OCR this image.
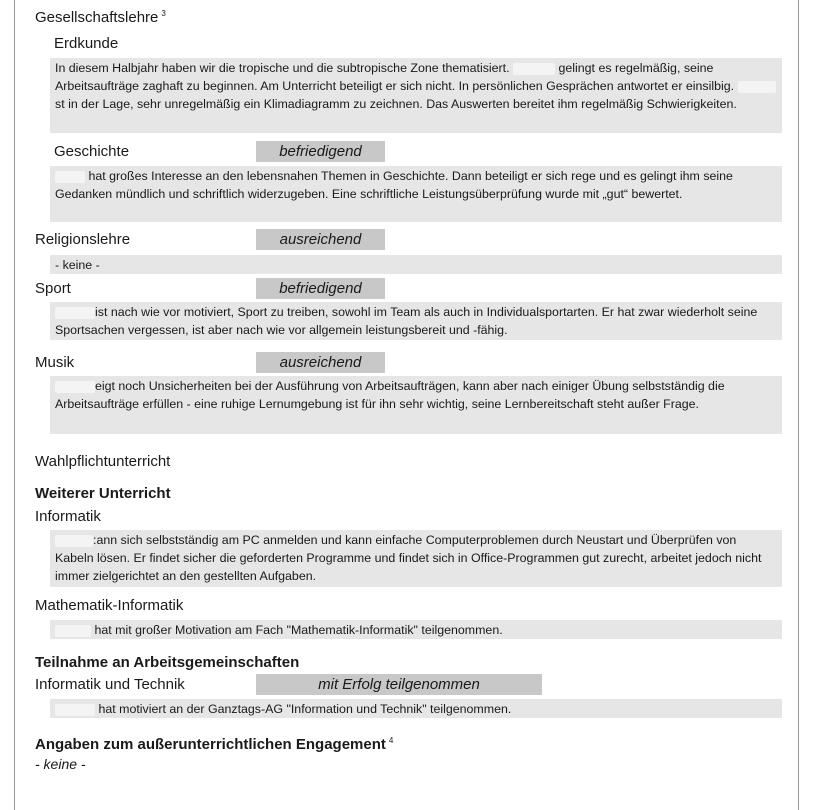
Gesellschaftslehre $^3$
Erdkunde
In diesem Halbjahr haben wir die tropische und die subtropische Zone thematisiert.	gelingt es regelmäßig, seine Arbeitsaufträge zaghaft zu beginnen. Am Unterricht beteiligt er sich nicht. In persönlichen Gesprächen antwortet er einsilbig. st in der Lage, sehr unregelmäßig ein Klimadiagramm zu zeichnen. Das Auswerten bereitet ihm regelmäßig Schwierigkeiten.
Geschichte	befriedigend
hat großes Interesse an den lebensnahen Themen in Geschichte. Dann beteiligt er sich rege und es gelingt ihm seine Gedanken mündlich und schriftlich widerzugeben. Eine schriftliche Leistungsüberprüfung wurde mit „gut“ bewertet.
Religionslehre	ausreichend
- keine -
Sport	befriedigend
ist nach wie vor motiviert, Sport zu treiben, sowohl im Team als auch in Individualsportarten. Er hat zwar wiederholt seine Sportsachen vergessen, ist aber nach wie vor allgemein leistungsbereit und -fähig.
Musik	ausreichend
eigt noch Unsicherheiten bei der Ausführung von Arbeitsaufträgen, kann aber nach einiger Übung selbstständig die Arbeitsaufträge erfüllen - eine ruhige Lernumgebung ist für ihn sehr wichtig, seine Lernbereitschaft steht außer Frage.
Wahlpflichtunterricht
Weiterer Unterricht
Informatik
:ann sich selbstständig am PC anmelden und kann einfache Computerproblemen durch Neustart und Überprüfen von Kabeln lösen. Er findet sicher die geforderten Programme und findet sich in Office-Programmen gut zurecht, arbeitet jedoch nicht immer zielgerichtet an den gestellten Aufgaben.
Mathematik-Informatik
hat mit großer Motivation am Fach "Mathematik-Informatik" teilgenommen.
Teilnahme an Arbeitsgemeinschaften
Informatik und Technik	mit Erfolg teilgenommen
hat motiviert an der Ganztags-AG "Information und Technik" teilgenommen.
Angaben zum außerunterrichtlichen Engagement $^4$
- keine -
